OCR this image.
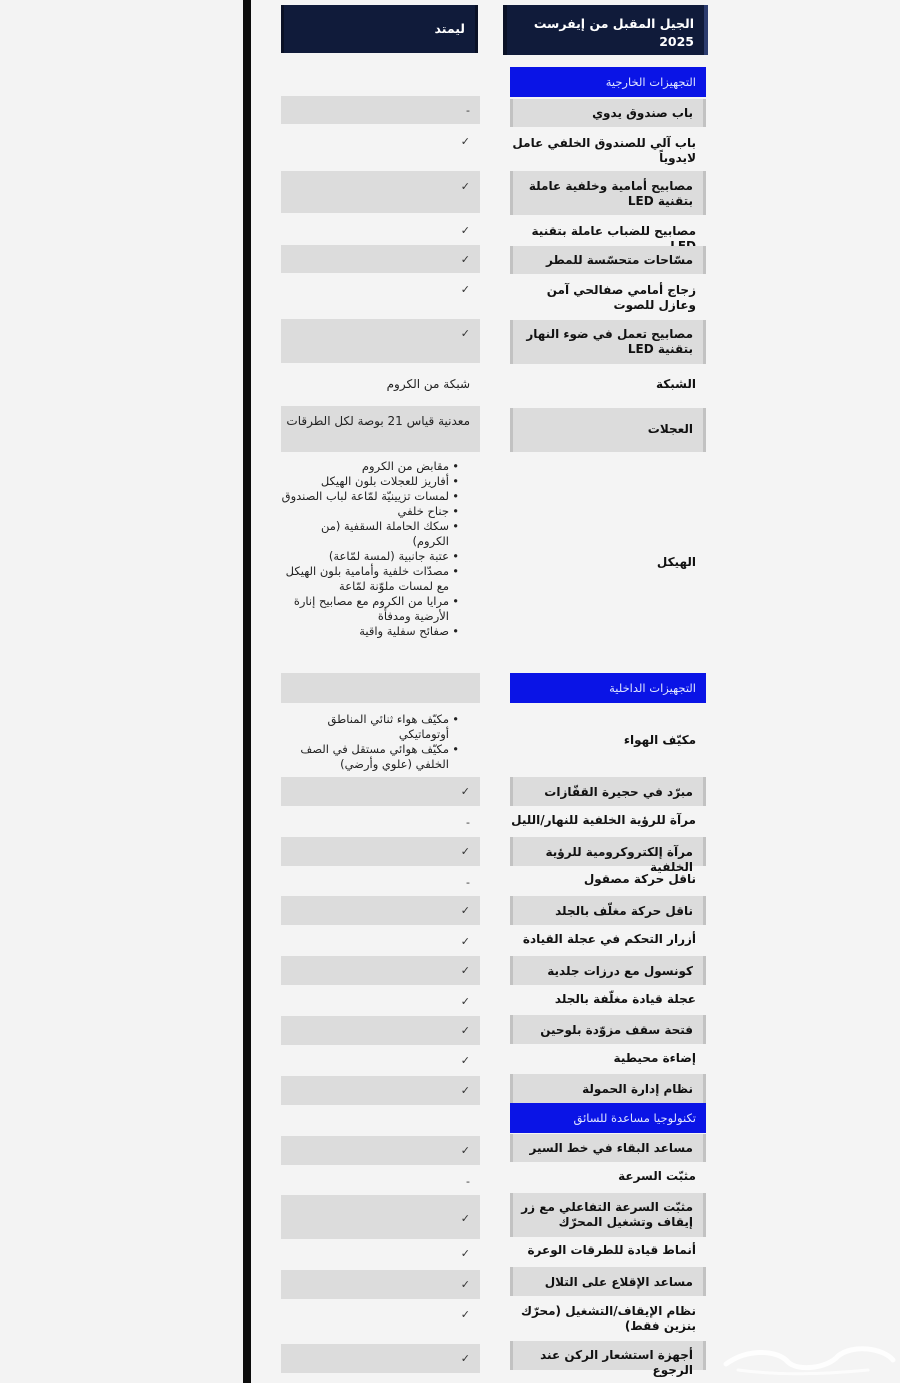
الجيل المقبل من إيفرست 2025
ليمتد
التجهيزات الخارجية
باب صندوق يدوي
-
باب آلي للصندوق الخلفي عامل لايدوياً
✓
مصابيح أمامية وخلفية عاملة بتقنية LED
✓
مصابيح للضباب عاملة بتقنية
✓
مسّاحات متحسّسة للمطر
✓
زجاج أمامي صفالحي آمن وعازل للصوت
✓
مصابيح تعمل في ضوء النهار بتقنية LED
✓
الشبكة
شبكة من الكروم
العجلات
معدنية قياس 21 بوصة لكل الطرقات
الهيكل
• مقابض من الكروم
• أفاريز للعجلات بلون الهيكل
• لمسات تزيينيّة لمّاعة لباب الصندوق
• جناح خلفي
• سكك الحاملة السقفية (من الكروم)
• عتبة جانبية (لمسة لمّاعة)
• مصدّات خلفية وأمامية بلون الهيكل مع لمسات ملوّنة لمّاعة
• مرايا من الكروم مع مصابيح إنارة الأرضية ومدفأة
• صفائح سفلية واقية
التجهيزات الداخلية
مكيّف الهواء
• مكيّف هواء ثنائي المناطق أوتوماتيكي
• مكيّف هوائي مستقل في الصف الخلفي (علوي وأرضي)
مبرّد في حجيرة القفّازات
✓
مرآة للرؤية الخلفية للنهار/الليل
-
مرآة إلكتروكرومية للرؤية الخلفية
✓
ناقل حركة مصقول
-
ناقل حركة مغلّف بالجلد
✓
أزرار التحكم في عجلة القيادة
✓
كونسول مع درزات جلدية
✓
عجلة قيادة مغلّفة بالجلد
✓
فتحة سقف مزوّدة بلوحين
✓
إضاءة محيطية
✓
نظام إدارة الحمولة
✓
تكنولوجيا مساعدة للسائق
مساعد البقاء في خط السير
✓
مثبّت السرعة
-
مثبّت السرعة التفاعلي مع زر إيقاف وتشغيل المحرّك
✓
أنماط قيادة للطرقات الوعرة
✓
مساعد الإقلاع على التلال
✓
نظام الإيقاف/التشغيل (محرّك بنزين فقط)
✓
أجهزة استشعار الركن عند الرجوع
✓
